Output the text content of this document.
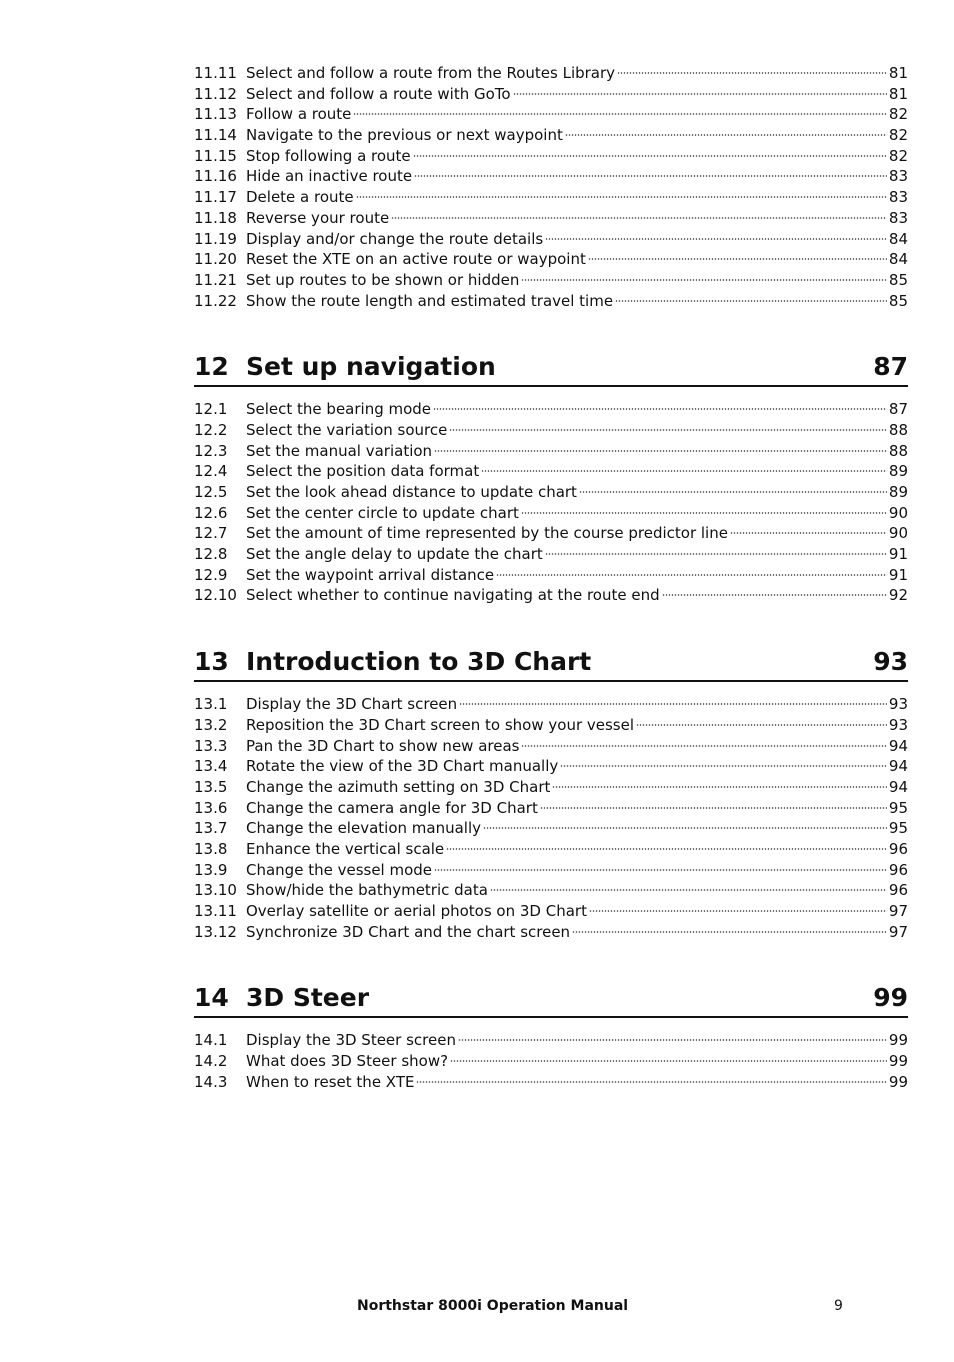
11.11 Select and follow a route from the Routes Library	81
11.12 Select and follow a route with GoTo	81
11.13 Follow a route	82
11.14 Navigate to the previous or next waypoint	82
11.15 Stop following a route	82
11.16 Hide an inactive route	83
11.17 Delete a route	83
11.18 Reverse your route	83
11.19 Display and/or change the route details	84
11.20 Reset the XTE on an active route or waypoint	84
11.21 Set up routes to be shown or hidden	85
11.22 Show the route length and estimated travel time	85
12 Set up navigation	87
12.1	Select the bearing mode	87
12.2	Select the variation source	88
12.3	Set the manual variation	88
12.4	Select the position data format	89
12.5	Set the look ahead distance to update chart	89
12.6	Set the center circle to update chart	90
12.7	Set the amount of time represented by the course predictor line	90
12.8	Set the angle delay to update the chart	91
12.9	Set the waypoint arrival distance	91
12.10 Select whether to continue navigating at the route end	92
13 Introduction to 3D Chart	93
13.1	Display the 3D Chart screen	93
13.2	Reposition the 3D Chart screen to show your vessel	93
13.3	Pan the 3D Chart to show new areas	94
13.4	Rotate the view of the 3D Chart manually	94
13.5	Change the azimuth setting on 3D Chart	94
13.6	Change the camera angle for 3D Chart	95
13.7	Change the elevation manually	95
13.8	Enhance the vertical scale	96
13.9	Change the vessel mode	96
13.10 Show/hide the bathymetric data	96
13.11 Overlay satellite or aerial photos on 3D Chart	97
13.12 Synchronize 3D Chart and the chart screen	97
14 3D Steer	99
14.1	Display the 3D Steer screen	99
14.2	What does 3D Steer show?	99
14.3	When to reset the XTE	99
Northstar 8000i Operation Manual	9
